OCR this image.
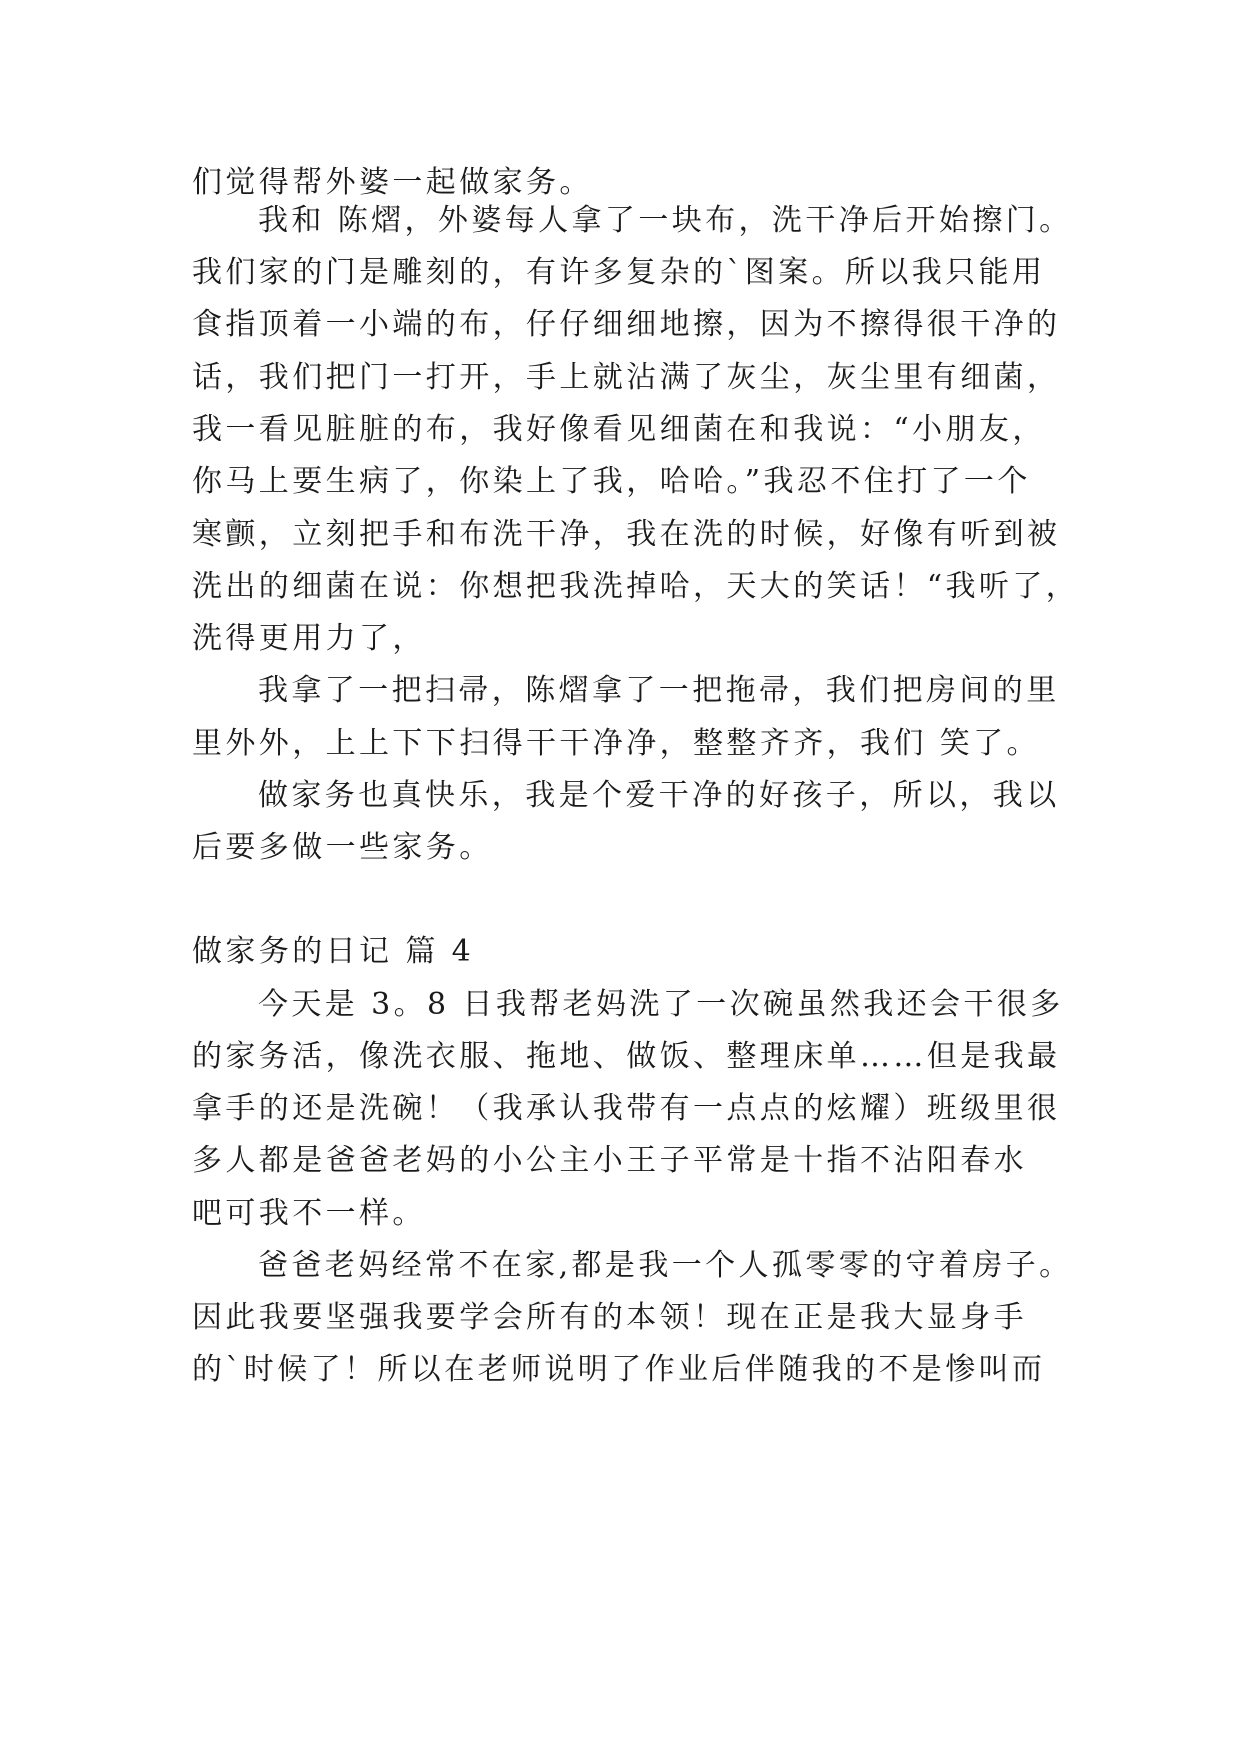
们觉得帮外婆一起做家务。
我和 陈熠，外婆每人拿了一块布，洗干净后开始擦门。
我们家的门是雕刻的，有许多复杂的`图案。所以我只能用
食指顶着一小端的布，仔仔细细地擦，因为不擦得很干净的
话，我们把门一打开，手上就沾满了灰尘，灰尘里有细菌，
我一看见脏脏的布，我好像看见细菌在和我说：“小朋友，
你马上要生病了，你染上了我，哈哈。”我忍不住打了一个
寒颤，立刻把手和布洗干净，我在洗的时候，好像有听到被
洗出的细菌在说：你想把我洗掉哈，天大的笑话！“我听了，
洗得更用力了，
我拿了一把扫帚，陈熠拿了一把拖帚，我们把房间的里
里外外，上上下下扫得干干净净，整整齐齐，我们 笑了。
做家务也真快乐，我是个爱干净的好孩子，所以，我以
后要多做一些家务。
做家务的日记 篇 4
今天是 3。8 日我帮老妈洗了一次碗虽然我还会干很多
的家务活，像洗衣服、拖地、做饭、整理床单……但是我最
拿手的还是洗碗！（我承认我带有一点点的炫耀）班级里很
多人都是爸爸老妈的小公主小王子平常是十指不沾阳春水
吧可我不一样。
爸爸老妈经常不在家,都是我一个人孤零零的守着房子。
因此我要坚强我要学会所有的本领！现在正是我大显身手
的`时候了！所以在老师说明了作业后伴随我的不是惨叫而
